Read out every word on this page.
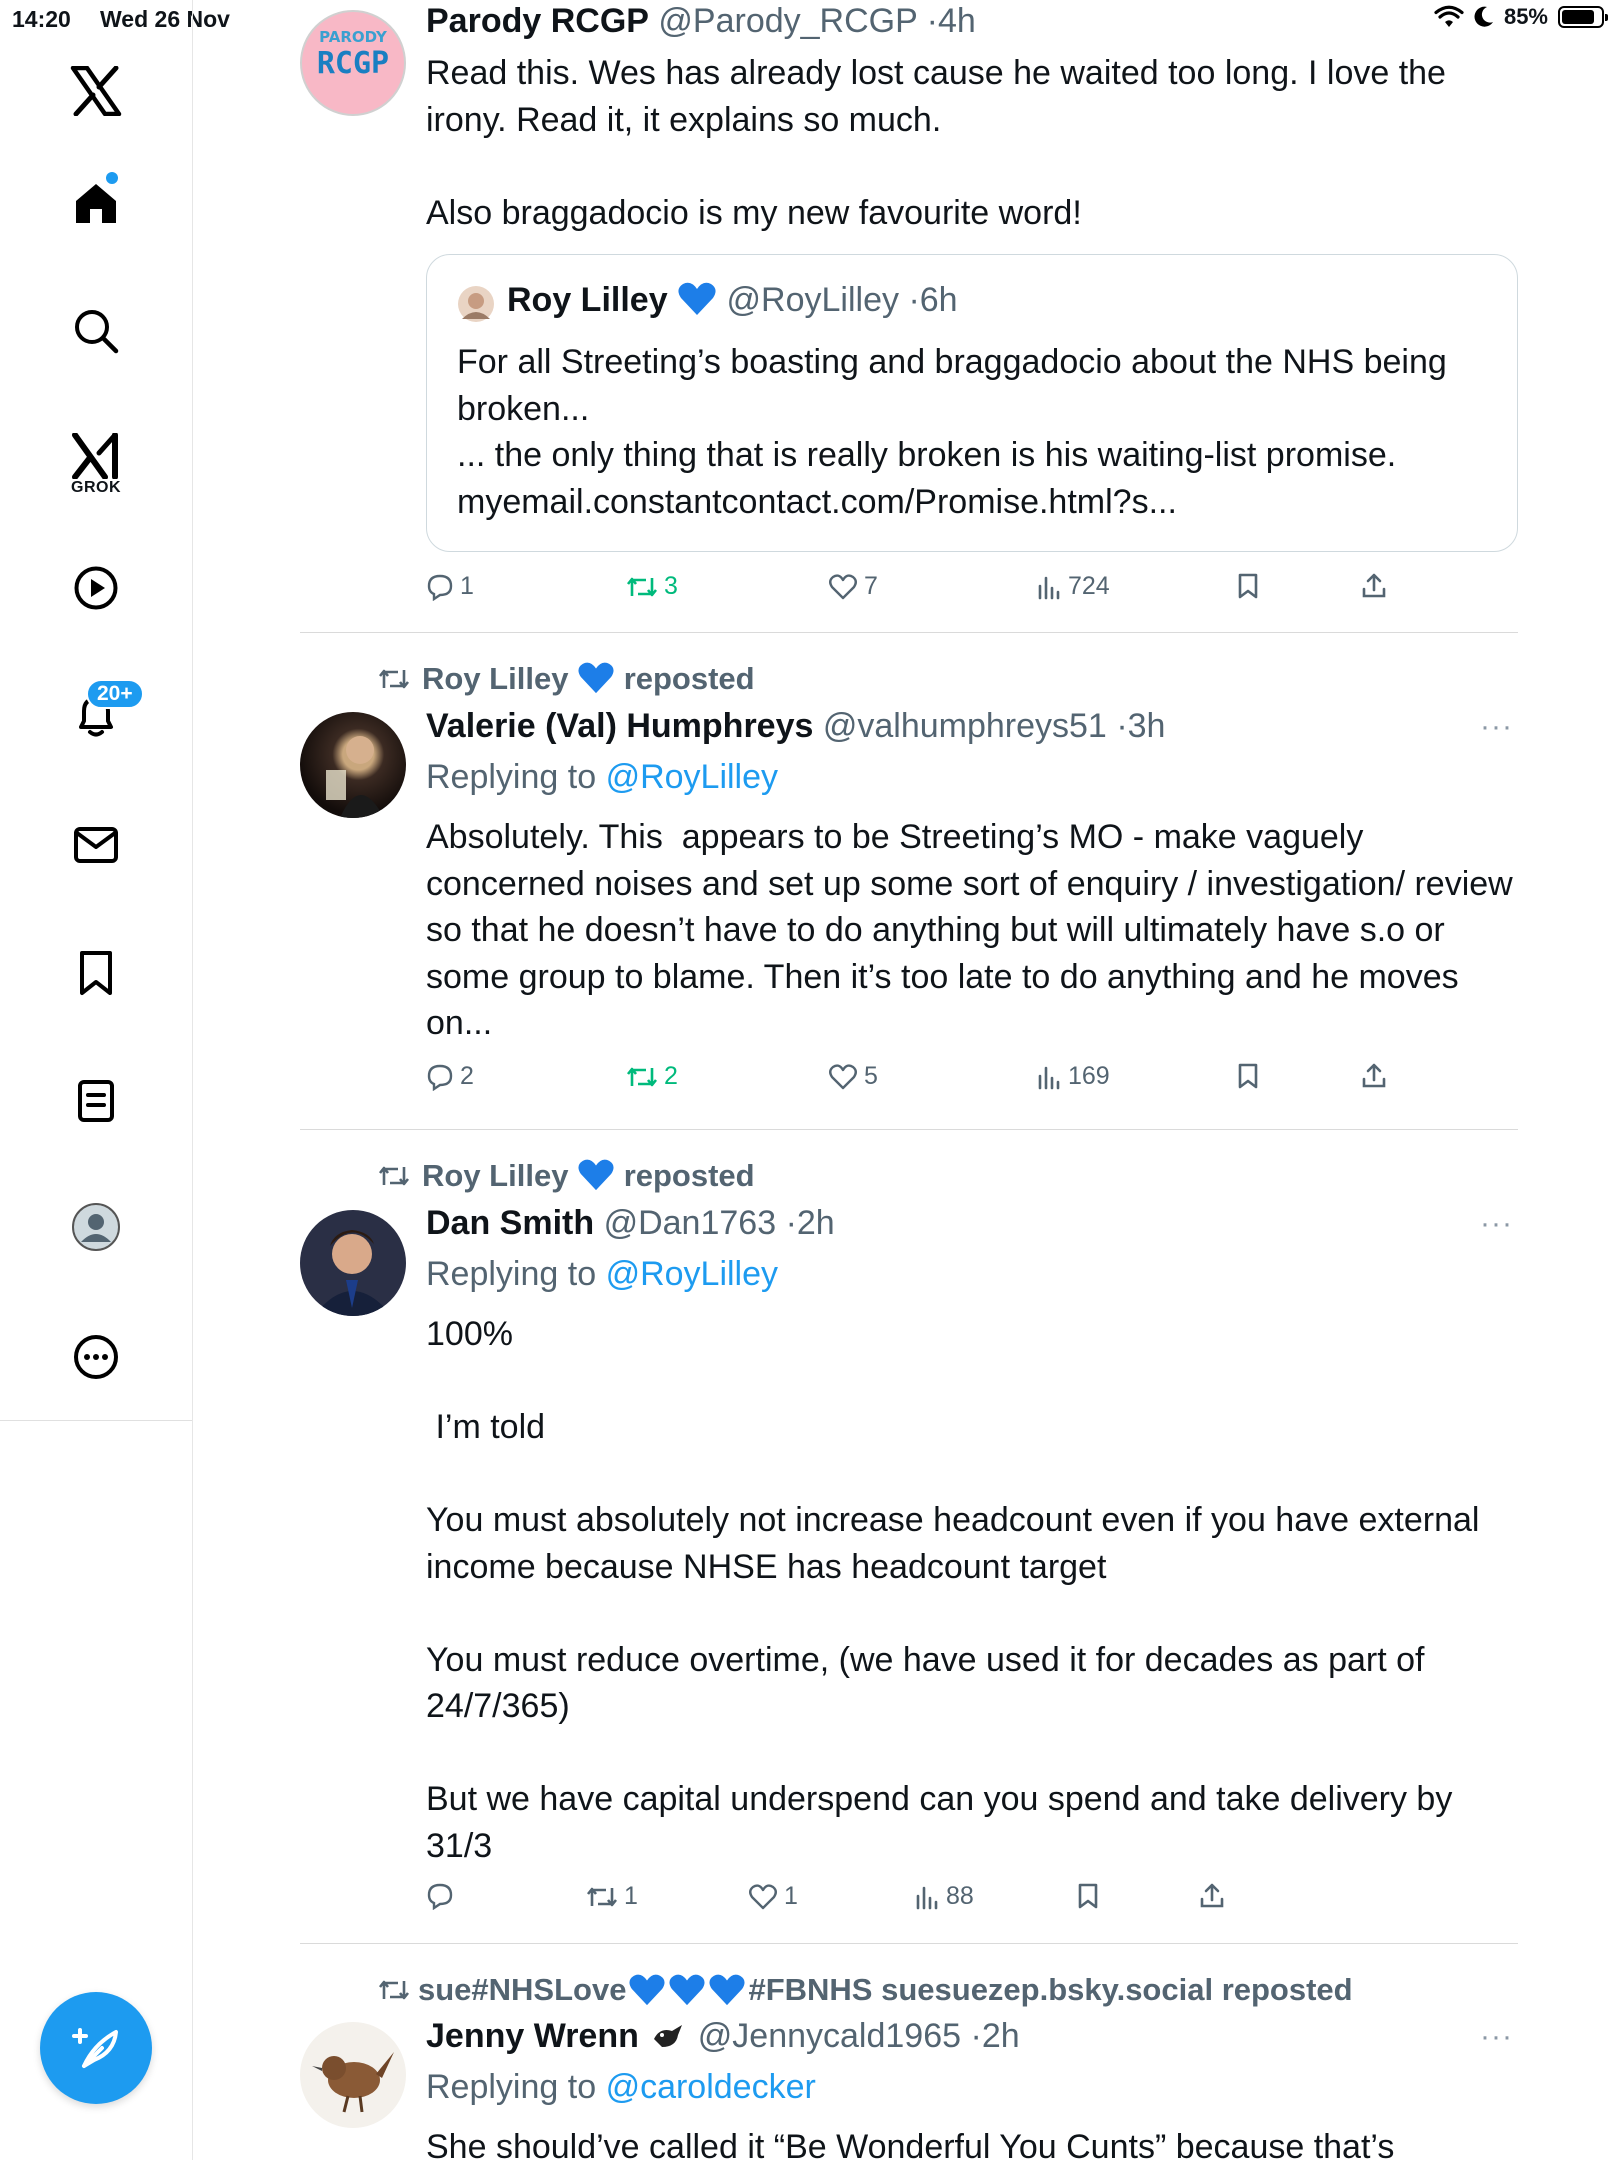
14:20 Wed 26 Nov	85%
GROK
20+
PARODY
RCGP
Parody RCGP @Parody_RCGP ·4h
Read this. Wes has already lost cause he waited too long. I love the irony. Read it, it explains so much.

Also braggadocio is my new favourite word!
Roy Lilley @RoyLilley ·6h
For all Streeting’s boasting and braggadocio about the NHS being broken...
... the only thing that is really broken is his waiting-list promise.
myemail.constantcontact.com/Promise.html?s...
1	3	7	724
Roy Lilley reposted
Valerie (Val) Humphreys @valhumphreys51 ·3h	···
Replying to @RoyLilley
Absolutely. This  appears to be Streeting’s MO - make vaguely concerned noises and set up some sort of enquiry / investigation/ review so that he doesn’t have to do anything but will ultimately have s.o or some group to blame. Then it’s too late to do anything and he moves on...
2	2	5	169
Roy Lilley reposted
Dan Smith @Dan1763 ·2h	···
Replying to @RoyLilley
100%

I’m told

You must absolutely not increase headcount even if you have external income because NHSE has headcount target

You must reduce overtime, (we have used it for decades as part of 24/7/365)

But we have capital underspend can you spend and take delivery by 31/3
1	1	88
sue#NHSLove	#FBNHS suesuezep.bsky.social reposted
Jenny Wrenn @Jennycald1965 ·2h	···
Replying to @caroldecker
She should’ve called it “Be Wonderful You Cunts” because that’s
